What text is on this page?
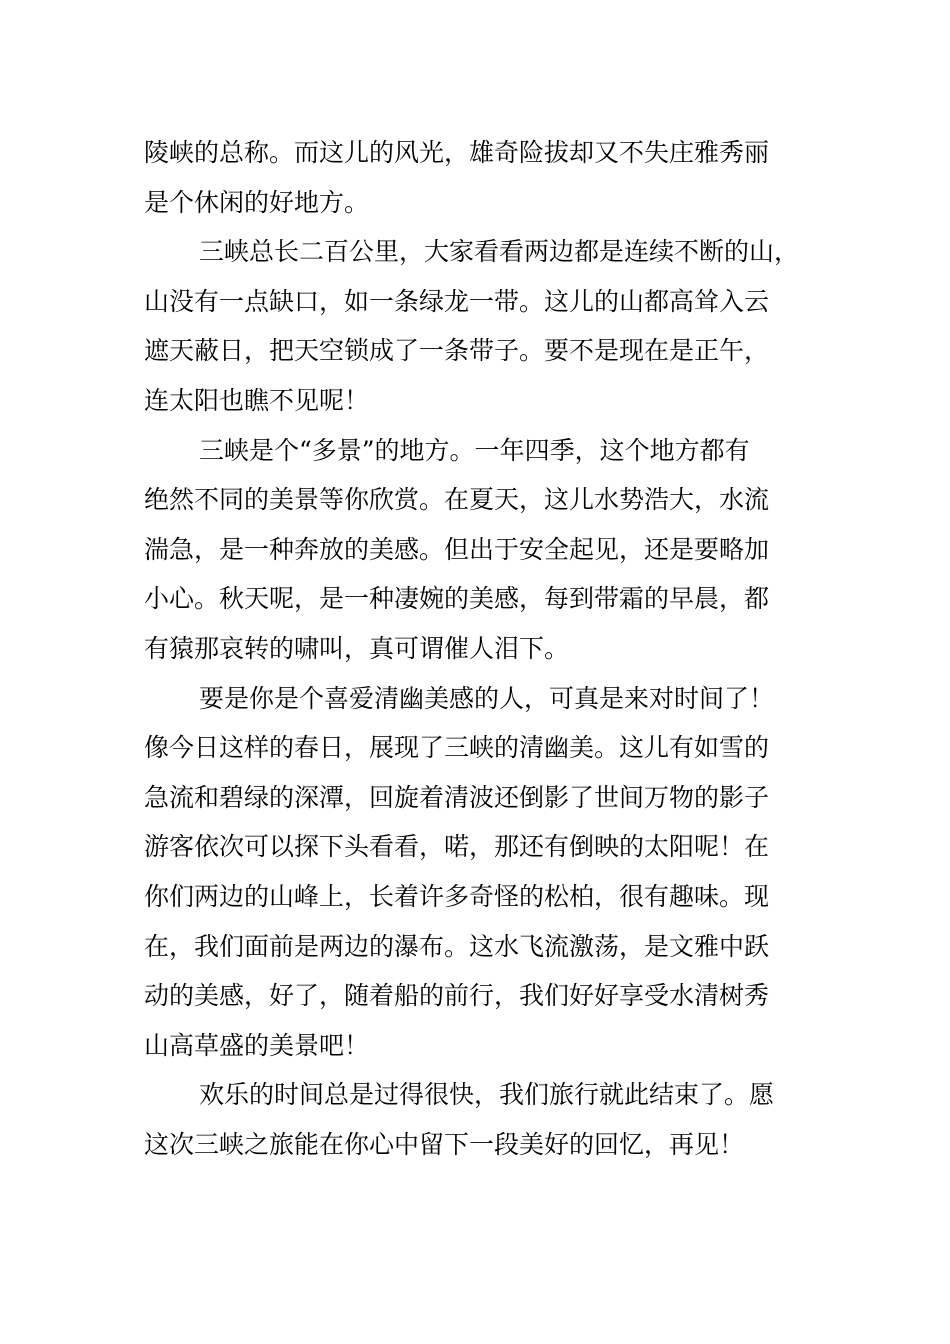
陵峡的总称。而这儿的风光，雄奇险拔却又不失庄雅秀丽
是个休闲的好地方。
三峡总长二百公里，大家看看两边都是连续不断的山，
山没有一点缺口，如一条绿龙一带。这儿的山都高耸入云
遮天蔽日，把天空锁成了一条带子。要不是现在是正午，
连太阳也瞧不见呢！
三峡是个“多景”的地方。一年四季，这个地方都有
绝然不同的美景等你欣赏。在夏天，这儿水势浩大，水流
湍急，是一种奔放的美感。但出于安全起见，还是要略加
小心。秋天呢，是一种凄婉的美感，每到带霜的早晨，都
有猿那哀转的啸叫，真可谓催人泪下。
要是你是个喜爱清幽美感的人，可真是来对时间了！
像今日这样的春日，展现了三峡的清幽美。这儿有如雪的
急流和碧绿的深潭，回旋着清波还倒影了世间万物的影子
游客依次可以探下头看看，喏，那还有倒映的太阳呢！在
你们两边的山峰上，长着许多奇怪的松柏，很有趣味。现
在，我们面前是两边的瀑布。这水飞流激荡，是文雅中跃
动的美感，好了，随着船的前行，我们好好享受水清树秀
山高草盛的美景吧！
欢乐的时间总是过得很快，我们旅行就此结束了。愿
这次三峡之旅能在你心中留下一段美好的回忆，再见！
